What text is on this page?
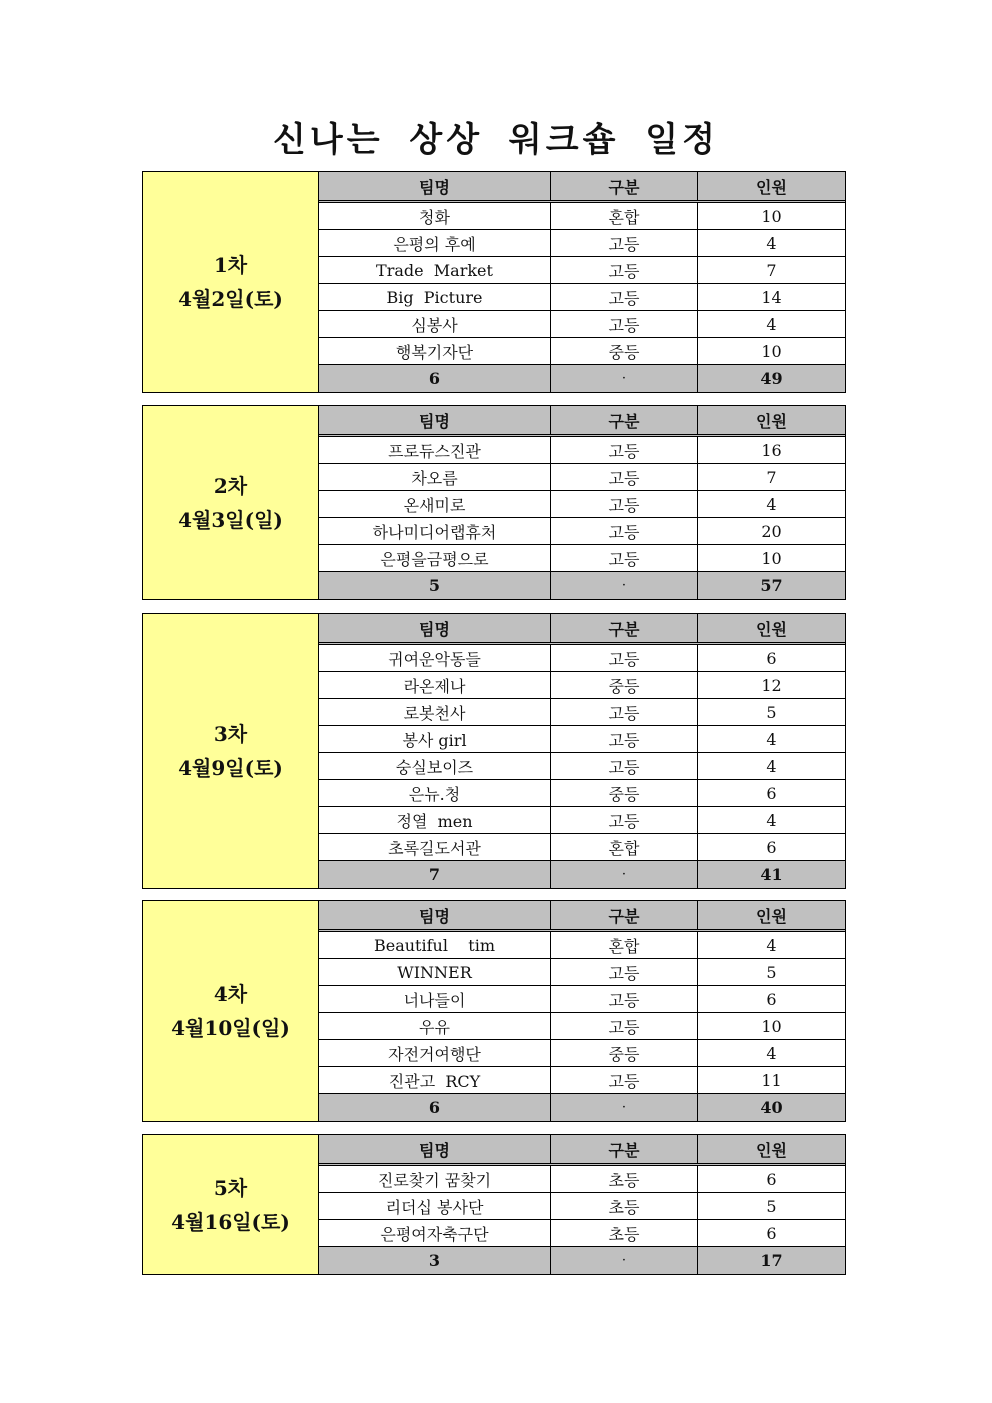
신나는 상상 워크숍 일정
1차
4월2일(토)
팀명	구분	인원
청화	혼합	10
은평의 후예	고등	4
Trade  Market	고등	7
Big  Picture	고등	14
심봉사	고등	4
행복기자단	중등	10
6	·	49
2차
4월3일(일)
팀명	구분	인원
프로듀스진관	고등	16
차오름	고등	7
온새미로	고등	4
하나미디어랩휴처	고등	20
은평을금평으로	고등	10
5	·	57
3차
4월9일(토)
팀명	구분	인원
귀여운악동들	고등	6
라온제나	중등	12
로봇천사	고등	5
봉사 girl	고등	4
숭실보이즈	고등	4
은뉴.청	중등	6
정열  men	고등	4
초록길도서관	혼합	6
7	·	41
4차
4월10일(일)
팀명	구분	인원
Beautiful    tim	혼합	4
WINNER	고등	5
너나들이	고등	6
우유	고등	10
자전거여행단	중등	4
진관고  RCY	고등	11
6	·	40
5차
4월16일(토)
팀명	구분	인원
진로찾기 꿈찾기	초등	6
리더십 봉사단	초등	5
은평여자축구단	초등	6
3	·	17
